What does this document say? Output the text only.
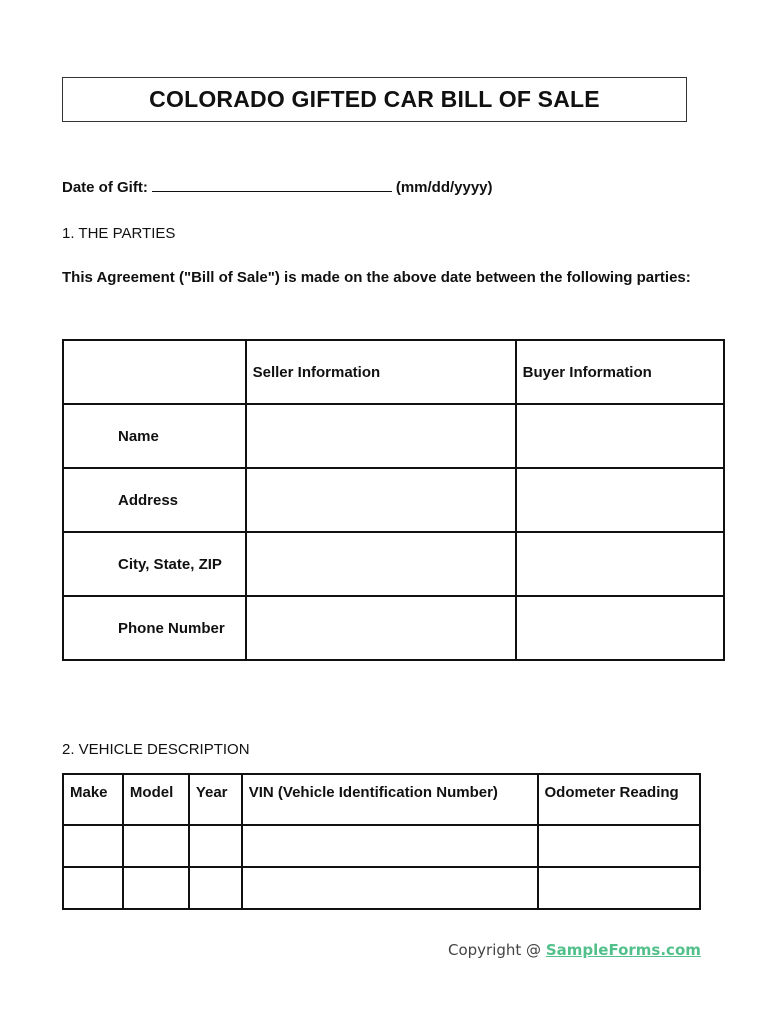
COLORADO GIFTED CAR BILL OF SALE
Date of Gift:	(mm/dd/yyyy)
1. THE PARTIES
This Agreement ("Bill of Sale") is made on the above date between the following parties:
	Seller Information	Buyer Information
Name		
Address		
City, State, ZIP		
Phone Number		
2. VEHICLE DESCRIPTION
Make	Model	Year	VIN (Vehicle Identification Number)	Odometer Reading

Copyright @ SampleForms.com
